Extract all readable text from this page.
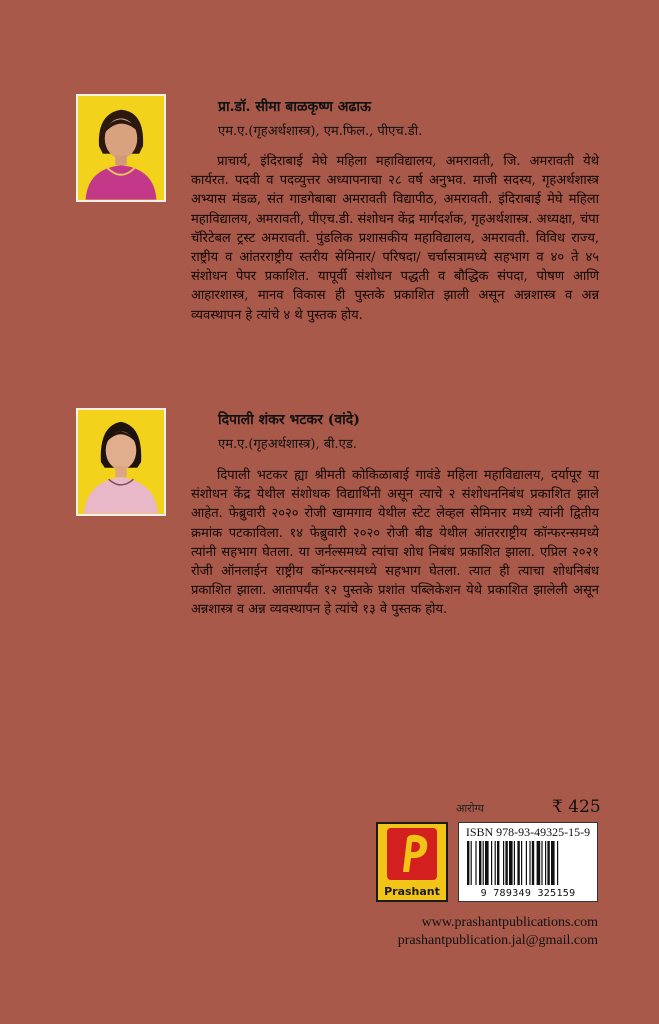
प्रा.डॉ. सीमा बाळकृष्ण अढाऊ
एम.ए.(गृहअर्थशास्त्र), एम.फिल., पीएच.डी.

प्राचार्य, इंदिराबाई मेघे महिला महाविद्यालय, अमरावती, जि. अमरावती येथे कार्यरत. पदवी व पदव्युत्तर अध्यापनाचा २८ वर्ष अनुभव. माजी सदस्य, गृहअर्थशास्त्र अभ्यास मंडळ, संत गाडगेबाबा अमरावती विद्यापीठ, अमरावती. इंदिराबाई मेघे महिला महाविद्यालय, अमरावती, पीएच.डी. संशोधन केंद्र मार्गदर्शक, गृहअर्थशास्त्र. अध्यक्षा, चंपा चॅरिटेबल ट्रस्ट अमरावती. पुंडलिक प्रशासकीय महाविद्यालय, अमरावती. विविध राज्य, राष्ट्रीय व आंतरराष्ट्रीय स्तरीय सेमिनार/ परिषदा/ चर्चासत्रामध्ये सहभाग व ४० ते ४५ संशोधन पेपर प्रकाशित. यापूर्वी संशोधन पद्धती व बौद्धिक संपदा, पोषण आणि आहारशास्त्र, मानव विकास ही पुस्तके प्रकाशित झाली असून अन्नशास्त्र व अन्न व्यवस्थापन हे त्यांचे ४ थे पुस्तक होय.

दिपाली शंकर भटकर (वांदे)
एम.ए.(गृहअर्थशास्त्र), बी.एड.

दिपाली भटकर ह्या श्रीमती कोकिळाबाई गावंडे महिला महाविद्यालय, दर्यापूर या संशोधन केंद्र येथील संशोधक विद्यार्थिनी असून त्याचे २ संशोधननिबंध प्रकाशित झाले आहेत. फेब्रुवारी २०२० रोजी खामगाव येथील स्टेट लेव्हल सेमिनार मध्ये त्यांनी द्वितीय क्रमांक पटकाविला. १४ फेब्रुवारी २०२० रोजी बीड येथील आंतरराष्ट्रीय कॉन्फरन्समध्ये त्यांनी सहभाग घेतला. या जर्नल्समध्ये त्यांचा शोध निबंध प्रकाशित झाला. एप्रिल २०२१ रोजी ऑनलाईन राष्ट्रीय कॉन्फरन्समध्ये सहभाग घेतला. त्यात ही त्याचा शोधनिबंध प्रकाशित झाला. आतापर्यंत १२ पुस्तके प्रशांत पब्लिकेशन येथे प्रकाशित झालेली असून अन्नशास्त्र व अन्न व्यवस्थापन हे त्यांचे १३ वे पुस्तक होय.

आरोग्य	₹ 425
Prashant
ISBN 978-93-49325-15-9
9 789349 325159
www.prashantpublications.com
prashantpublication.jal@gmail.com
